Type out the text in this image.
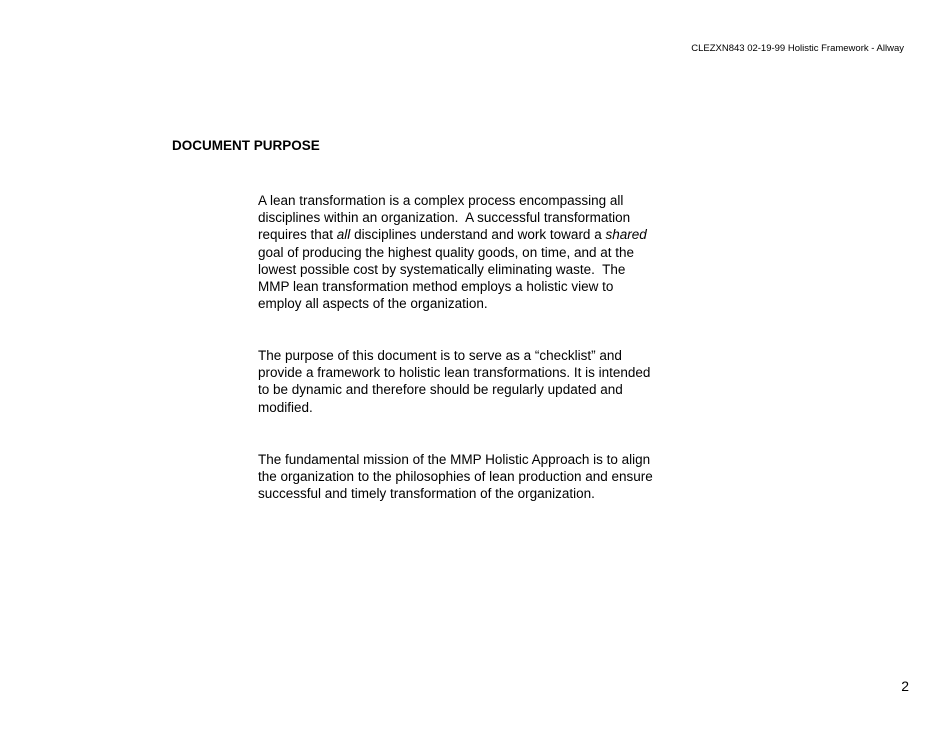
CLEZXN843 02-19-99 Holistic Framework - Allway
DOCUMENT PURPOSE
A lean transformation is a complex process encompassing all
disciplines within an organization.  A successful transformation
requires that all disciplines understand and work toward a shared
goal of producing the highest quality goods, on time, and at the
lowest possible cost by systematically eliminating waste.  The
MMP lean transformation method employs a holistic view to
employ all aspects of the organization.
The purpose of this document is to serve as a “checklist” and
provide a framework to holistic lean transformations. It is intended
to be dynamic and therefore should be regularly updated and
modified.
The fundamental mission of the MMP Holistic Approach is to align
the organization to the philosophies of lean production and ensure
successful and timely transformation of the organization.
2
